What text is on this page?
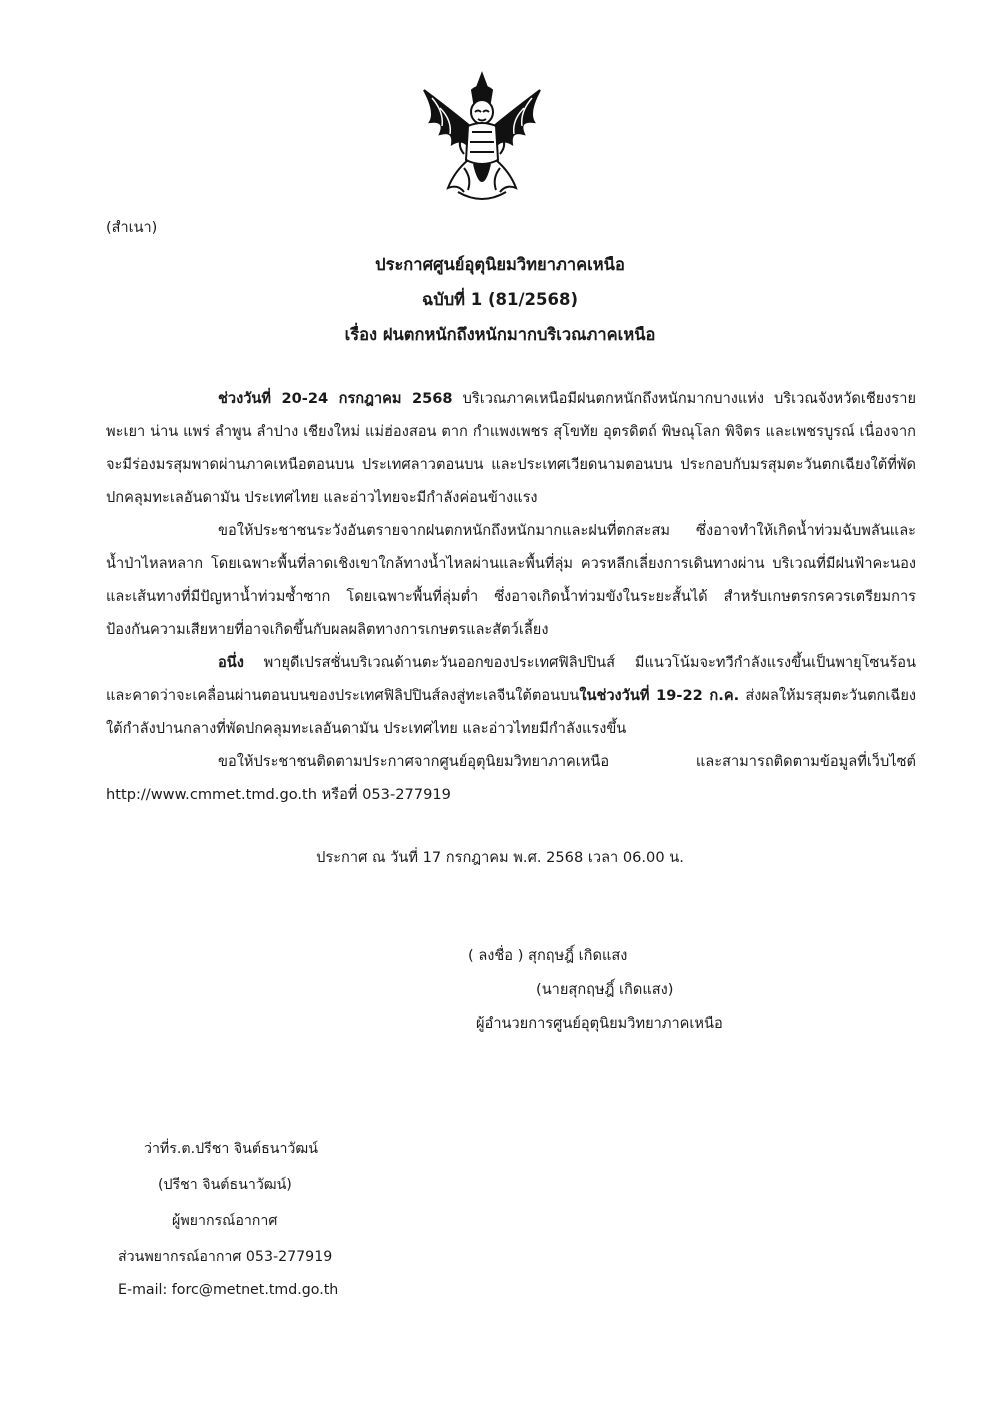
(สำเนา)
ประกาศศูนย์อุตุนิยมวิทยาภาคเหนือ
ฉบับที่ 1 (81/2568)
เรื่อง ฝนตกหนักถึงหนักมากบริเวณภาคเหนือ

ช่วงวันที่ 20-24 กรกฎาคม 2568 บริเวณภาคเหนือมีฝนตกหนักถึงหนักมากบางแห่ง บริเวณจังหวัดเชียงราย พะเยา น่าน แพร่ ลำพูน ลำปาง เชียงใหม่ แม่ฮ่องสอน ตาก กำแพงเพชร สุโขทัย อุตรดิตถ์ พิษณุโลก พิจิตร และเพชรบูรณ์ เนื่องจากจะมีร่องมรสุมพาดผ่านภาคเหนือตอนบน ประเทศลาวตอนบน และประเทศเวียดนามตอนบน ประกอบกับมรสุมตะวันตกเฉียงใต้ที่พัดปกคลุมทะเลอันดามัน ประเทศไทย และอ่าวไทยจะมีกำลังค่อนข้างแรง

ขอให้ประชาชนระวังอันตรายจากฝนตกหนักถึงหนักมากและฝนที่ตกสะสม ซึ่งอาจทำให้เกิดน้ำท่วมฉับพลันและน้ำป่าไหลหลาก โดยเฉพาะพื้นที่ลาดเชิงเขาใกล้ทางน้ำไหลผ่านและพื้นที่ลุ่ม ควรหลีกเลี่ยงการเดินทางผ่าน บริเวณที่มีฝนฟ้าคะนอง และเส้นทางที่มีปัญหาน้ำท่วมซ้ำซาก โดยเฉพาะพื้นที่ลุ่มต่ำ ซึ่งอาจเกิดน้ำท่วมขังในระยะสั้นได้ สำหรับเกษตรกรควรเตรียมการป้องกันความเสียหายที่อาจเกิดขึ้นกับผลผลิตทางการเกษตรและสัตว์เลี้ยง

อนึ่ง พายุดีเปรสชั่นบริเวณด้านตะวันออกของประเทศฟิลิปปินส์ มีแนวโน้มจะทวีกำลังแรงขึ้นเป็นพายุโซนร้อน และคาดว่าจะเคลื่อนผ่านตอนบนของประเทศฟิลิปปินส์ลงสู่ทะเลจีนใต้ตอนบนในช่วงวันที่ 19-22 ก.ค. ส่งผลให้มรสุมตะวันตกเฉียงใต้กำลังปานกลางที่พัดปกคลุมทะเลอันดามัน ประเทศไทย และอ่าวไทยมีกำลังแรงขึ้น

ขอให้ประชาชนติดตามประกาศจากศูนย์อุตุนิยมวิทยาภาคเหนือ และสามารถติดตามข้อมูลที่เว็บไซต์ http://www.cmmet.tmd.go.th หรือที่ 053-277919

ประกาศ ณ วันที่ 17 กรกฎาคม พ.ศ. 2568 เวลา 06.00 น.
( ลงชื่อ ) สุกฤษฎิ์ เกิดแสง
(นายสุกฤษฎิ์ เกิดแสง)
ผู้อำนวยการศูนย์อุตุนิยมวิทยาภาคเหนือ
ว่าที่ร.ต.ปรีชา จินต์ธนาวัฒน์
(ปรีชา จินต์ธนาวัฒน์)
ผู้พยากรณ์อากาศ
ส่วนพยากรณ์อากาศ 053-277919
E-mail: forc@metnet.tmd.go.th
